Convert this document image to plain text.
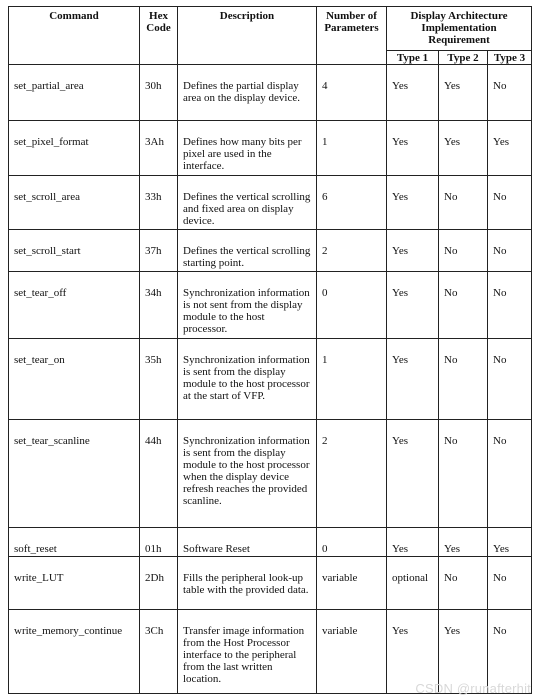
Command	Hex Code	Description	Number of Parameters	Display Architecture Implementation Requirement		
				Type 1	Type 2	Type 3
set_partial_area	30h	Defines the partial display area on the display device.	4	Yes	Yes	No
set_pixel_format	3Ah	Defines how many bits per pixel are used in the interface.	1	Yes	Yes	Yes
set_scroll_area	33h	Defines the vertical scrolling and fixed area on display device.	6	Yes	No	No
set_scroll_start	37h	Defines the vertical scrolling starting point.	2	Yes	No	No
set_tear_off	34h	Synchronization information is not sent from the display module to the host processor.	0	Yes	No	No
set_tear_on	35h	Synchronization information is sent from the display module to the host processor at the start of VFP.	1	Yes	No	No
set_tear_scanline	44h	Synchronization information is sent from the display module to the host processor when the display device refresh reaches the provided scanline.	2	Yes	No	No
soft_reset	01h	Software Reset	0	Yes	Yes	Yes
write_LUT	2Dh	Fills the peripheral look-up table with the provided data.	variable	optional	No	No
write_memory_continue	3Ch	Transfer image information from the Host Processor interface to the peripheral from the last written location.	variable	Yes	Yes	No
CSDN @runafterhit
